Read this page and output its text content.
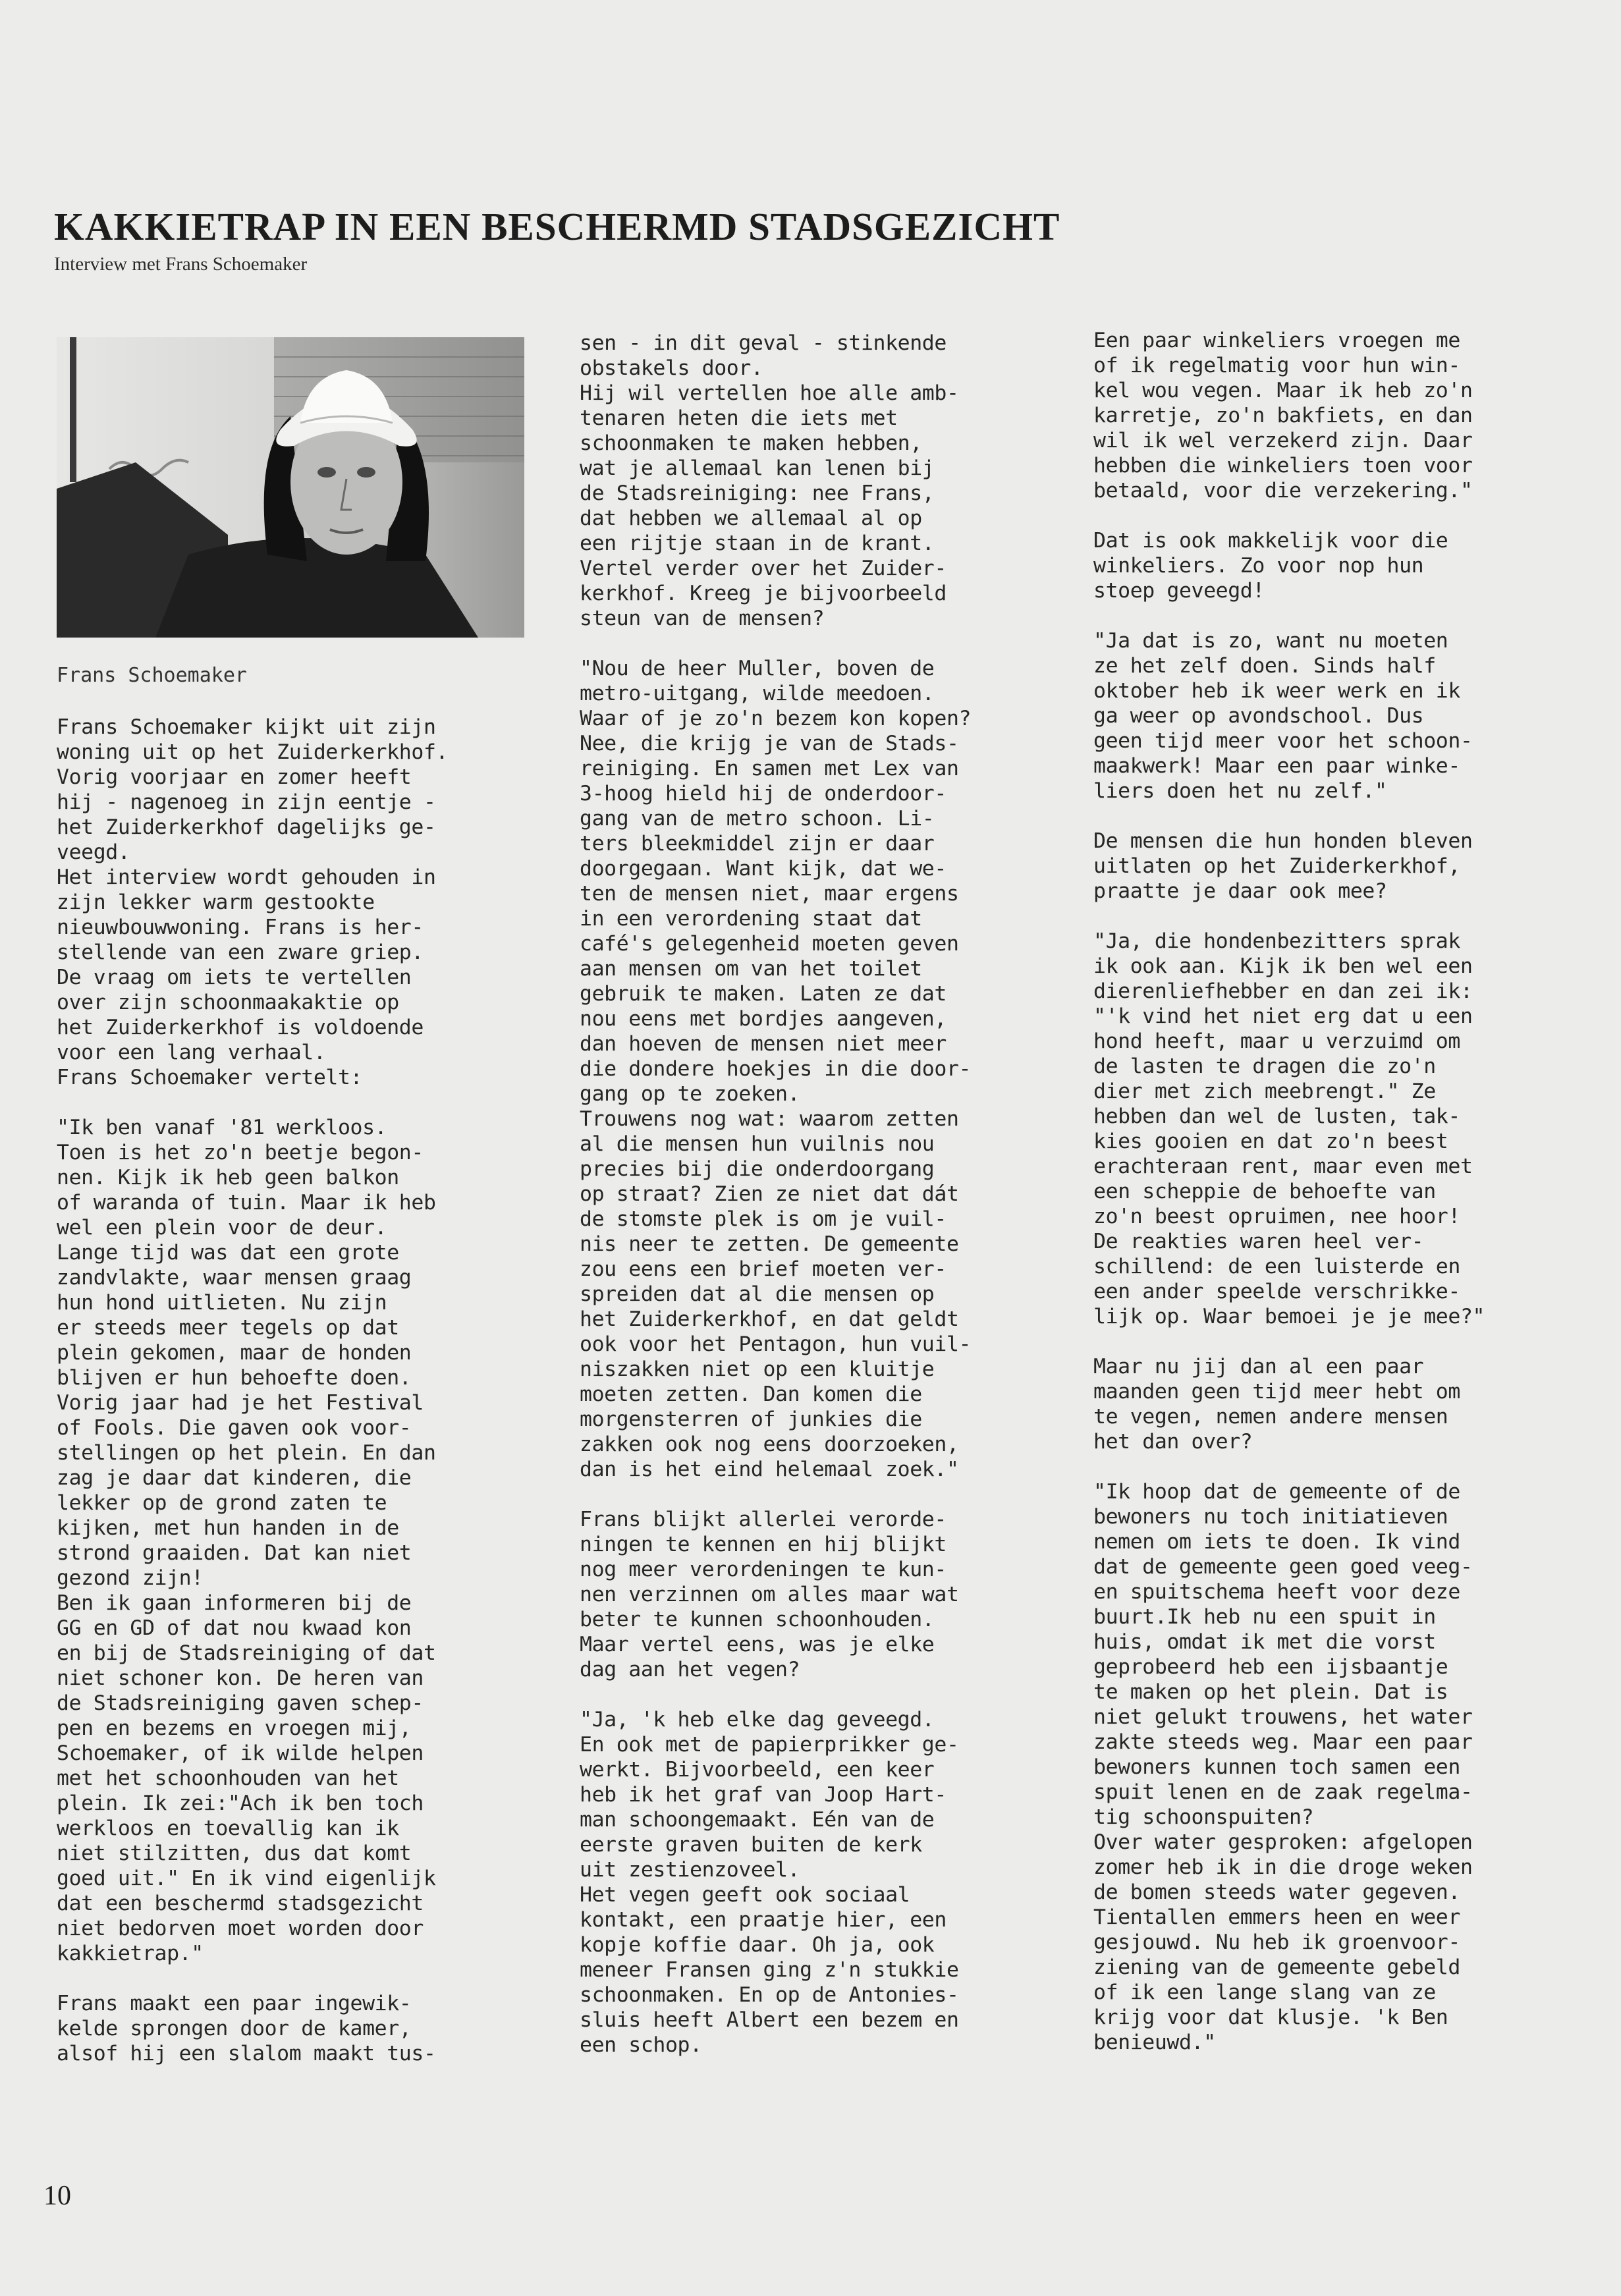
KAKKIETRAP IN EEN BESCHERMD STADSGEZICHT
Interview met Frans Schoemaker
Frans Schoemaker
Frans Schoemaker kijkt uit zijn
woning uit op het Zuiderkerkhof.
Vorig voorjaar en zomer heeft
hij - nagenoeg in zijn eentje -
het Zuiderkerkhof dagelijks ge-
veegd.
Het interview wordt gehouden in
zijn lekker warm gestookte
nieuwbouwwoning. Frans is her-
stellende van een zware griep.
De vraag om iets te vertellen
over zijn schoonmaakaktie op
het Zuiderkerkhof is voldoende
voor een lang verhaal.
Frans Schoemaker vertelt:
"Ik ben vanaf '81 werkloos.
Toen is het zo'n beetje begon-
nen. Kijk ik heb geen balkon
of waranda of tuin. Maar ik heb
wel een plein voor de deur.
Lange tijd was dat een grote
zandvlakte, waar mensen graag
hun hond uitlieten. Nu zijn
er steeds meer tegels op dat
plein gekomen, maar de honden
blijven er hun behoefte doen.
Vorig jaar had je het Festival
of Fools. Die gaven ook voor-
stellingen op het plein. En dan
zag je daar dat kinderen, die
lekker op de grond zaten te
kijken, met hun handen in de
strond graaiden. Dat kan niet
gezond zijn!
Ben ik gaan informeren bij de
GG en GD of dat nou kwaad kon
en bij de Stadsreiniging of dat
niet schoner kon. De heren van
de Stadsreiniging gaven schep-
pen en bezems en vroegen mij,
Schoemaker, of ik wilde helpen
met het schoonhouden van het
plein. Ik zei:"Ach ik ben toch
werkloos en toevallig kan ik
niet stilzitten, dus dat komt
goed uit." En ik vind eigenlijk
dat een beschermd stadsgezicht
niet bedorven moet worden door
kakkietrap."
Frans maakt een paar ingewik-
kelde sprongen door de kamer,
alsof hij een slalom maakt tus-
sen - in dit geval - stinkende
obstakels door.
Hij wil vertellen hoe alle amb-
tenaren heten die iets met
schoonmaken te maken hebben,
wat je allemaal kan lenen bij
de Stadsreiniging: nee Frans,
dat hebben we allemaal al op
een rijtje staan in de krant.
Vertel verder over het Zuider-
kerkhof. Kreeg je bijvoorbeeld
steun van de mensen?
"Nou de heer Muller, boven de
metro-uitgang, wilde meedoen.
Waar of je zo'n bezem kon kopen?
Nee, die krijg je van de Stads-
reiniging. En samen met Lex van
3-hoog hield hij de onderdoor-
gang van de metro schoon. Li-
ters bleekmiddel zijn er daar
doorgegaan. Want kijk, dat we-
ten de mensen niet, maar ergens
in een verordening staat dat
café's gelegenheid moeten geven
aan mensen om van het toilet
gebruik te maken. Laten ze dat
nou eens met bordjes aangeven,
dan hoeven de mensen niet meer
die dondere hoekjes in die door-
gang op te zoeken.
Trouwens nog wat: waarom zetten
al die mensen hun vuilnis nou
precies bij die onderdoorgang
op straat? Zien ze niet dat dát
de stomste plek is om je vuil-
nis neer te zetten. De gemeente
zou eens een brief moeten ver-
spreiden dat al die mensen op
het Zuiderkerkhof, en dat geldt
ook voor het Pentagon, hun vuil-
niszakken niet op een kluitje
moeten zetten. Dan komen die
morgensterren of junkies die
zakken ook nog eens doorzoeken,
dan is het eind helemaal zoek."
Frans blijkt allerlei verorde-
ningen te kennen en hij blijkt
nog meer verordeningen te kun-
nen verzinnen om alles maar wat
beter te kunnen schoonhouden.
Maar vertel eens, was je elke
dag aan het vegen?
"Ja, 'k heb elke dag geveegd.
En ook met de papierprikker ge-
werkt. Bijvoorbeeld, een keer
heb ik het graf van Joop Hart-
man schoongemaakt. Eén van de
eerste graven buiten de kerk
uit zestienzoveel.
Het vegen geeft ook sociaal
kontakt, een praatje hier, een
kopje koffie daar. Oh ja, ook
meneer Fransen ging z'n stukkie
schoonmaken. En op de Antonies-
sluis heeft Albert een bezem en
een schop.
Een paar winkeliers vroegen me
of ik regelmatig voor hun win-
kel wou vegen. Maar ik heb zo'n
karretje, zo'n bakfiets, en dan
wil ik wel verzekerd zijn. Daar
hebben die winkeliers toen voor
betaald, voor die verzekering."
Dat is ook makkelijk voor die
winkeliers. Zo voor nop hun
stoep geveegd!
"Ja dat is zo, want nu moeten
ze het zelf doen. Sinds half
oktober heb ik weer werk en ik
ga weer op avondschool. Dus
geen tijd meer voor het schoon-
maakwerk! Maar een paar winke-
liers doen het nu zelf."
De mensen die hun honden bleven
uitlaten op het Zuiderkerkhof,
praatte je daar ook mee?
"Ja, die hondenbezitters sprak
ik ook aan. Kijk ik ben wel een
dierenliefhebber en dan zei ik:
"'k vind het niet erg dat u een
hond heeft, maar u verzuimd om
de lasten te dragen die zo'n
dier met zich meebrengt." Ze
hebben dan wel de lusten, tak-
kies gooien en dat zo'n beest
erachteraan rent, maar even met
een scheppie de behoefte van
zo'n beest opruimen, nee hoor!
De reakties waren heel ver-
schillend: de een luisterde en
een ander speelde verschrikke-
lijk op. Waar bemoei je je mee?"
Maar nu jij dan al een paar
maanden geen tijd meer hebt om
te vegen, nemen andere mensen
het dan over?
"Ik hoop dat de gemeente of de
bewoners nu toch initiatieven
nemen om iets te doen. Ik vind
dat de gemeente geen goed veeg-
en spuitschema heeft voor deze
buurt.Ik heb nu een spuit in
huis, omdat ik met die vorst
geprobeerd heb een ijsbaantje
te maken op het plein. Dat is
niet gelukt trouwens, het water
zakte steeds weg. Maar een paar
bewoners kunnen toch samen een
spuit lenen en de zaak regelma-
tig schoonspuiten?
Over water gesproken: afgelopen
zomer heb ik in die droge weken
de bomen steeds water gegeven.
Tientallen emmers heen en weer
gesjouwd. Nu heb ik groenvoor-
ziening van de gemeente gebeld
of ik een lange slang van ze
krijg voor dat klusje. 'k Ben
benieuwd."
10
